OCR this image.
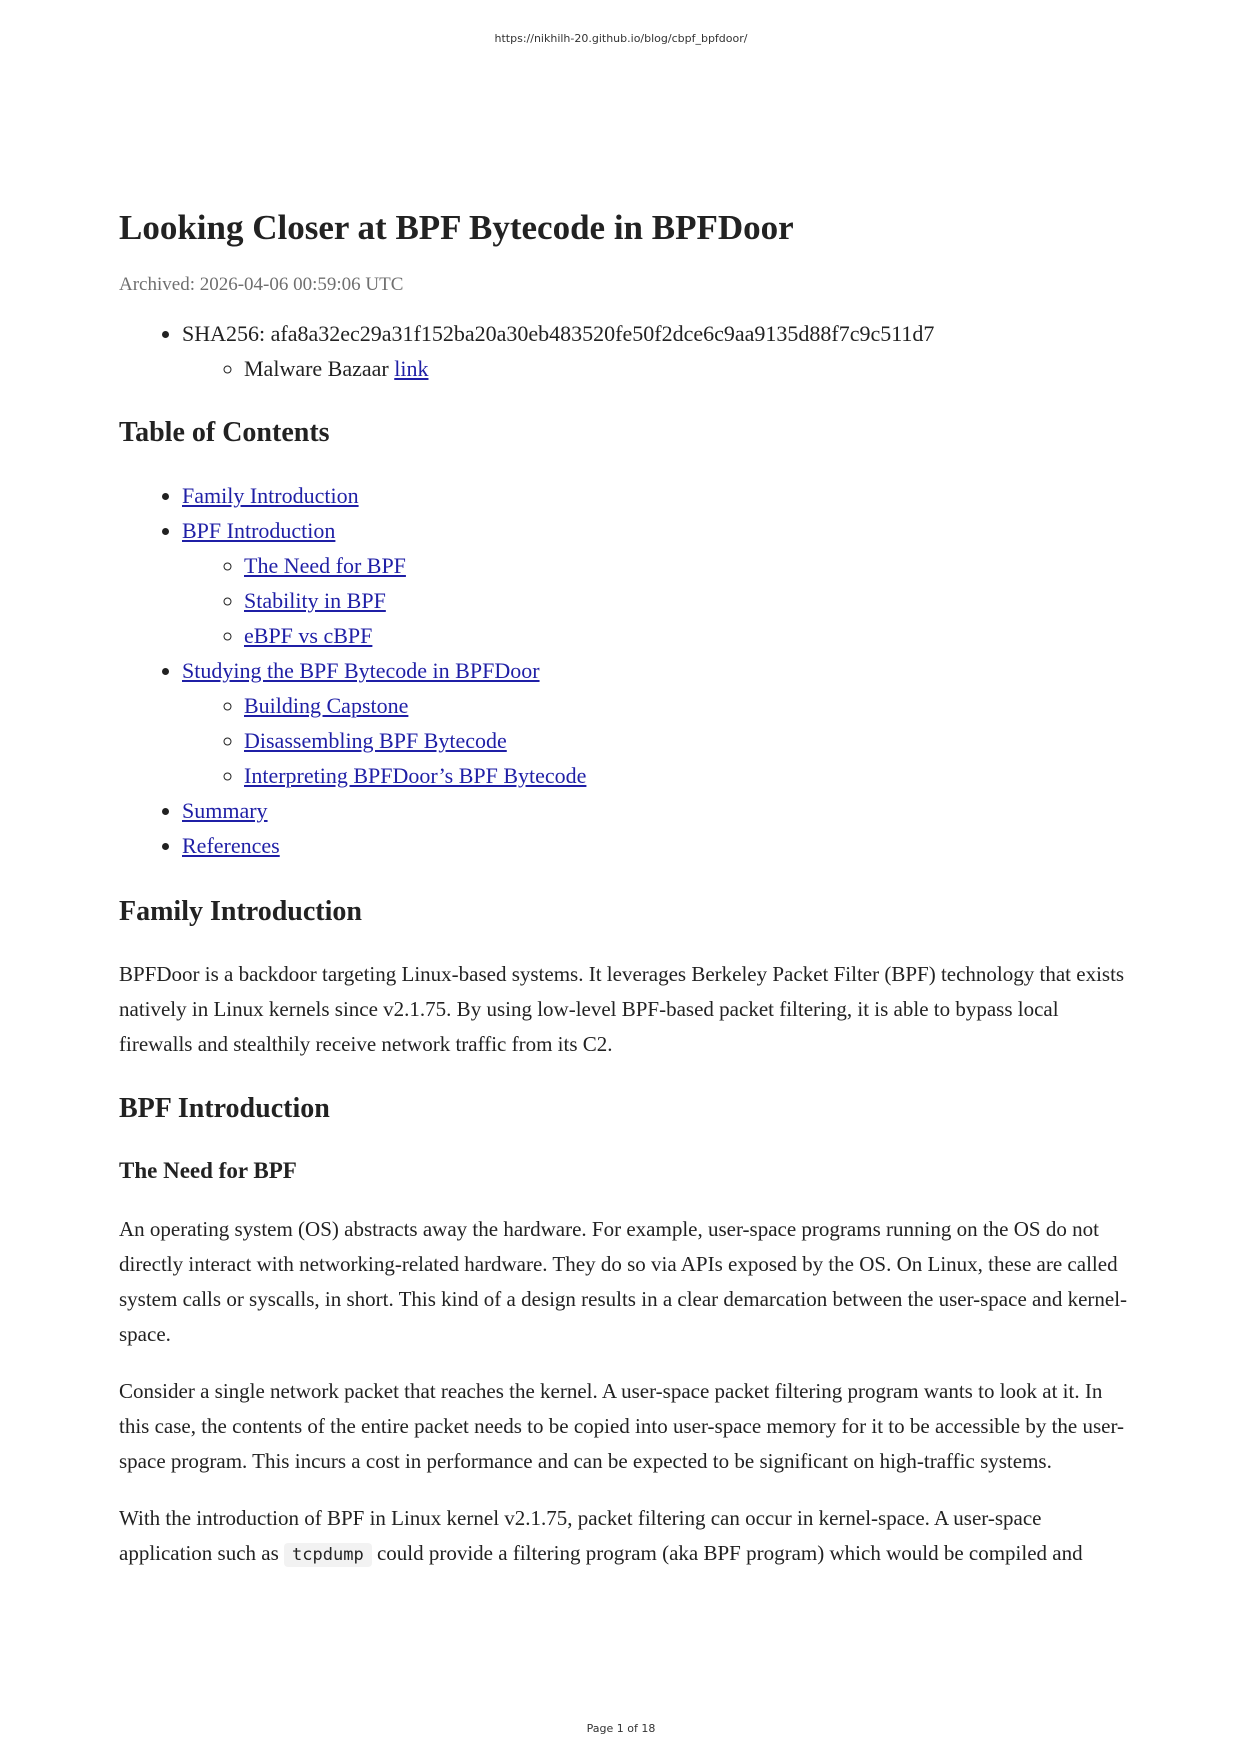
https://nikhilh-20.github.io/blog/cbpf_bpfdoor/
Looking Closer at BPF Bytecode in BPFDoor
Archived: 2026-04-06 00:59:06 UTC
• SHA256: afa8a32ec29a31f152ba20a30eb483520fe50f2dce6c9aa9135d88f7c9c511d7
◦ Malware Bazaar link
Table of Contents
• Family Introduction
• BPF Introduction
◦ The Need for BPF
◦ Stability in BPF
◦ eBPF vs cBPF
• Studying the BPF Bytecode in BPFDoor
◦ Building Capstone
◦ Disassembling BPF Bytecode
◦ Interpreting BPFDoor’s BPF Bytecode
• Summary
• References
Family Introduction

BPFDoor is a backdoor targeting Linux-based systems. It leverages Berkeley Packet Filter (BPF) technology that exists natively in Linux kernels since v2.1.75. By using low-level BPF-based packet filtering, it is able to bypass local firewalls and stealthily receive network traffic from its C2.

BPF Introduction
The Need for BPF

An operating system (OS) abstracts away the hardware. For example, user-space programs running on the OS do not directly interact with networking-related hardware. They do so via APIs exposed by the OS. On Linux, these are called system calls or syscalls, in short. This kind of a design results in a clear demarcation between the user-space and kernel-space.

Consider a single network packet that reaches the kernel. A user-space packet filtering program wants to look at it. In this case, the contents of the entire packet needs to be copied into user-space memory for it to be accessible by the user-space program. This incurs a cost in performance and can be expected to be significant on high-traffic systems.

With the introduction of BPF in Linux kernel v2.1.75, packet filtering can occur in kernel-space. A user-space application such as tcpdump could provide a filtering program (aka BPF program) which would be compiled and

Page 1 of 18
